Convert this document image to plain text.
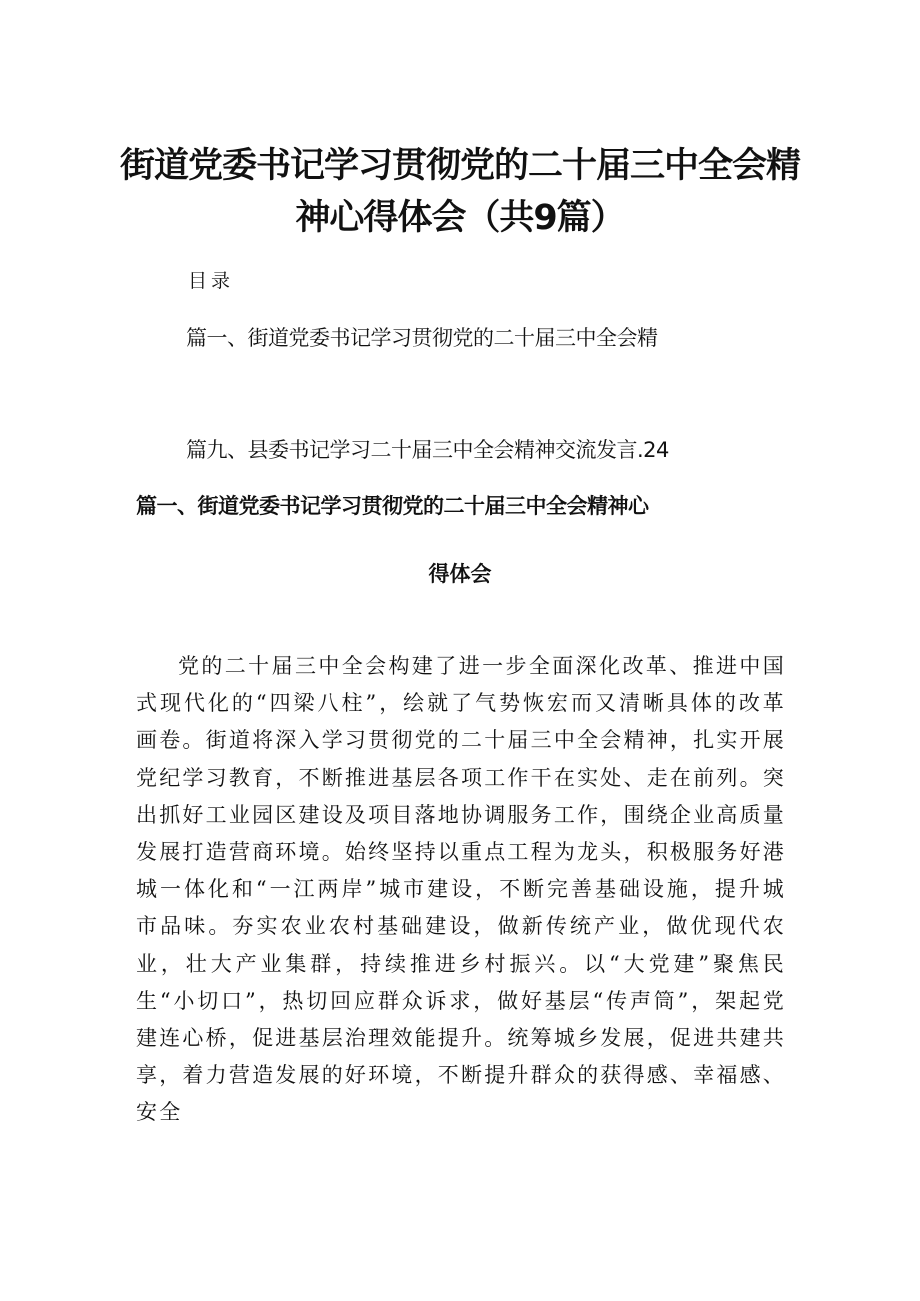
街道党委书记学习贯彻党的二十届三中全会精神心得体会（共9篇）

目录

篇一、街道党委书记学习贯彻党的二十届三中全会精

篇九、县委书记学习二十届三中全会精神交流发言.24

篇一、街道党委书记学习贯彻党的二十届三中全会精神心
得体会

党的二十届三中全会构建了进一步全面深化改革、推进中国式现代化的“四梁八柱”，绘就了气势恢宏而又清晰具体的改革画卷。街道将深入学习贯彻党的二十届三中全会精神，扎实开展党纪学习教育，不断推进基层各项工作干在实处、走在前列。突出抓好工业园区建设及项目落地协调服务工作，围绕企业高质量发展打造营商环境。始终坚持以重点工程为龙头，积极服务好港城一体化和“一江两岸”城市建设，不断完善基础设施，提升城市品味。夯实农业农村基础建设，做新传统产业，做优现代农业，壮大产业集群，持续推进乡村振兴。以“大党建”聚焦民生“小切口”，热切回应群众诉求，做好基层“传声筒”，架起党建连心桥，促进基层治理效能提升。统筹城乡发展，促进共建共享，着力营造发展的好环境，不断提升群众的获得感、幸福感、安全
